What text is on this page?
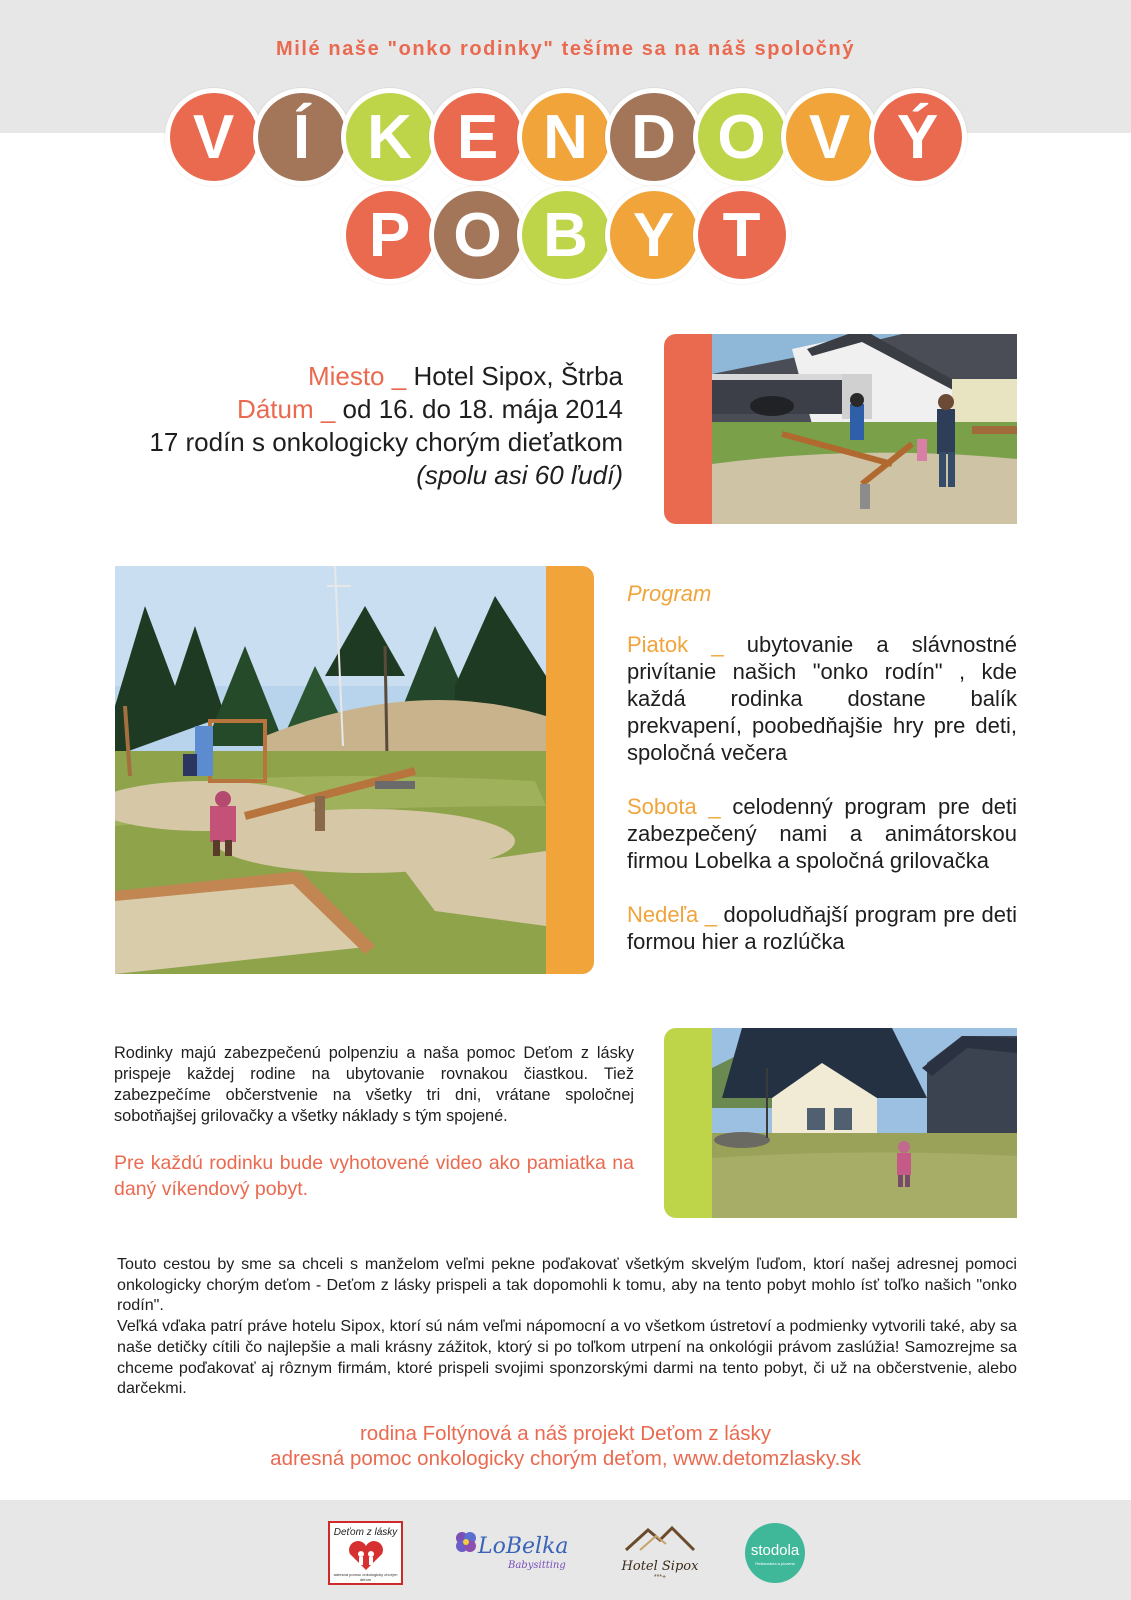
Milé naše "onko rodinky" tešíme sa na náš spoločný
V Í K E N D O V Ý
P O B Y T
Miesto _ Hotel Sipox, Štrba
Dátum _ od 16. do 18. mája 2014
17 rodín s onkologicky chorým dieťatkom
(spolu asi 60 ľudí)
Program
Piatok _ ubytovanie a slávnostné privítanie našich "onko rodín" , kde každá rodinka dostane balík prekvapení, poobedňajšie hry pre deti, spoločná večera
Sobota _ celodenný program pre deti zabezpečený nami a animátorskou firmou Lobelka a spoločná grilovačka
Nedeľa _ dopoludňajší program pre deti formou hier a rozlúčka
Rodinky majú zabezpečenú polpenziu a naša pomoc Deťom z lásky prispeje každej rodine na ubytovanie rovnakou čiastkou. Tiež zabezpečíme občerstvenie na všetky tri dni, vrátane spoločnej sobotňajšej grilovačky a všetky náklady s tým spojené.
Pre každú rodinku bude vyhotovené video ako pamiatka na daný víkendový pobyt.

Touto cestou by sme sa chceli s manželom veľmi pekne poďakovať všetkým skvelým ľuďom, ktorí našej adresnej pomoci onkologicky chorým deťom - Deťom z lásky prispeli a tak dopomohli k tomu, aby na tento pobyt mohlo ísť toľko našich "onko rodín".

Veľká vďaka patrí práve hotelu Sipox, ktorí sú nám veľmi nápomocní a vo všetkom ústretoví a podmienky vytvorili také, aby sa naše detičky cítili čo najlepšie a mali krásny zážitok, ktorý si po toľkom utrpení na onkológii právom zaslúžia! Samozrejme sa chceme poďakovať aj rôznym firmám, ktoré prispeli svojimi sponzorskými darmi na tento pobyt, či už na občerstvenie, alebo darčekmi.

rodina Foltýnová a náš projekt Deťom z lásky
adresná pomoc onkologicky chorým deťom, www.detomzlasky.sk
Deťom z lásky
adresná pomoc onkologicky chorým deťom
LoBelka
Babysitting	Hotel Sipox
***+
stodola
Reštaurácia a pizzeria
